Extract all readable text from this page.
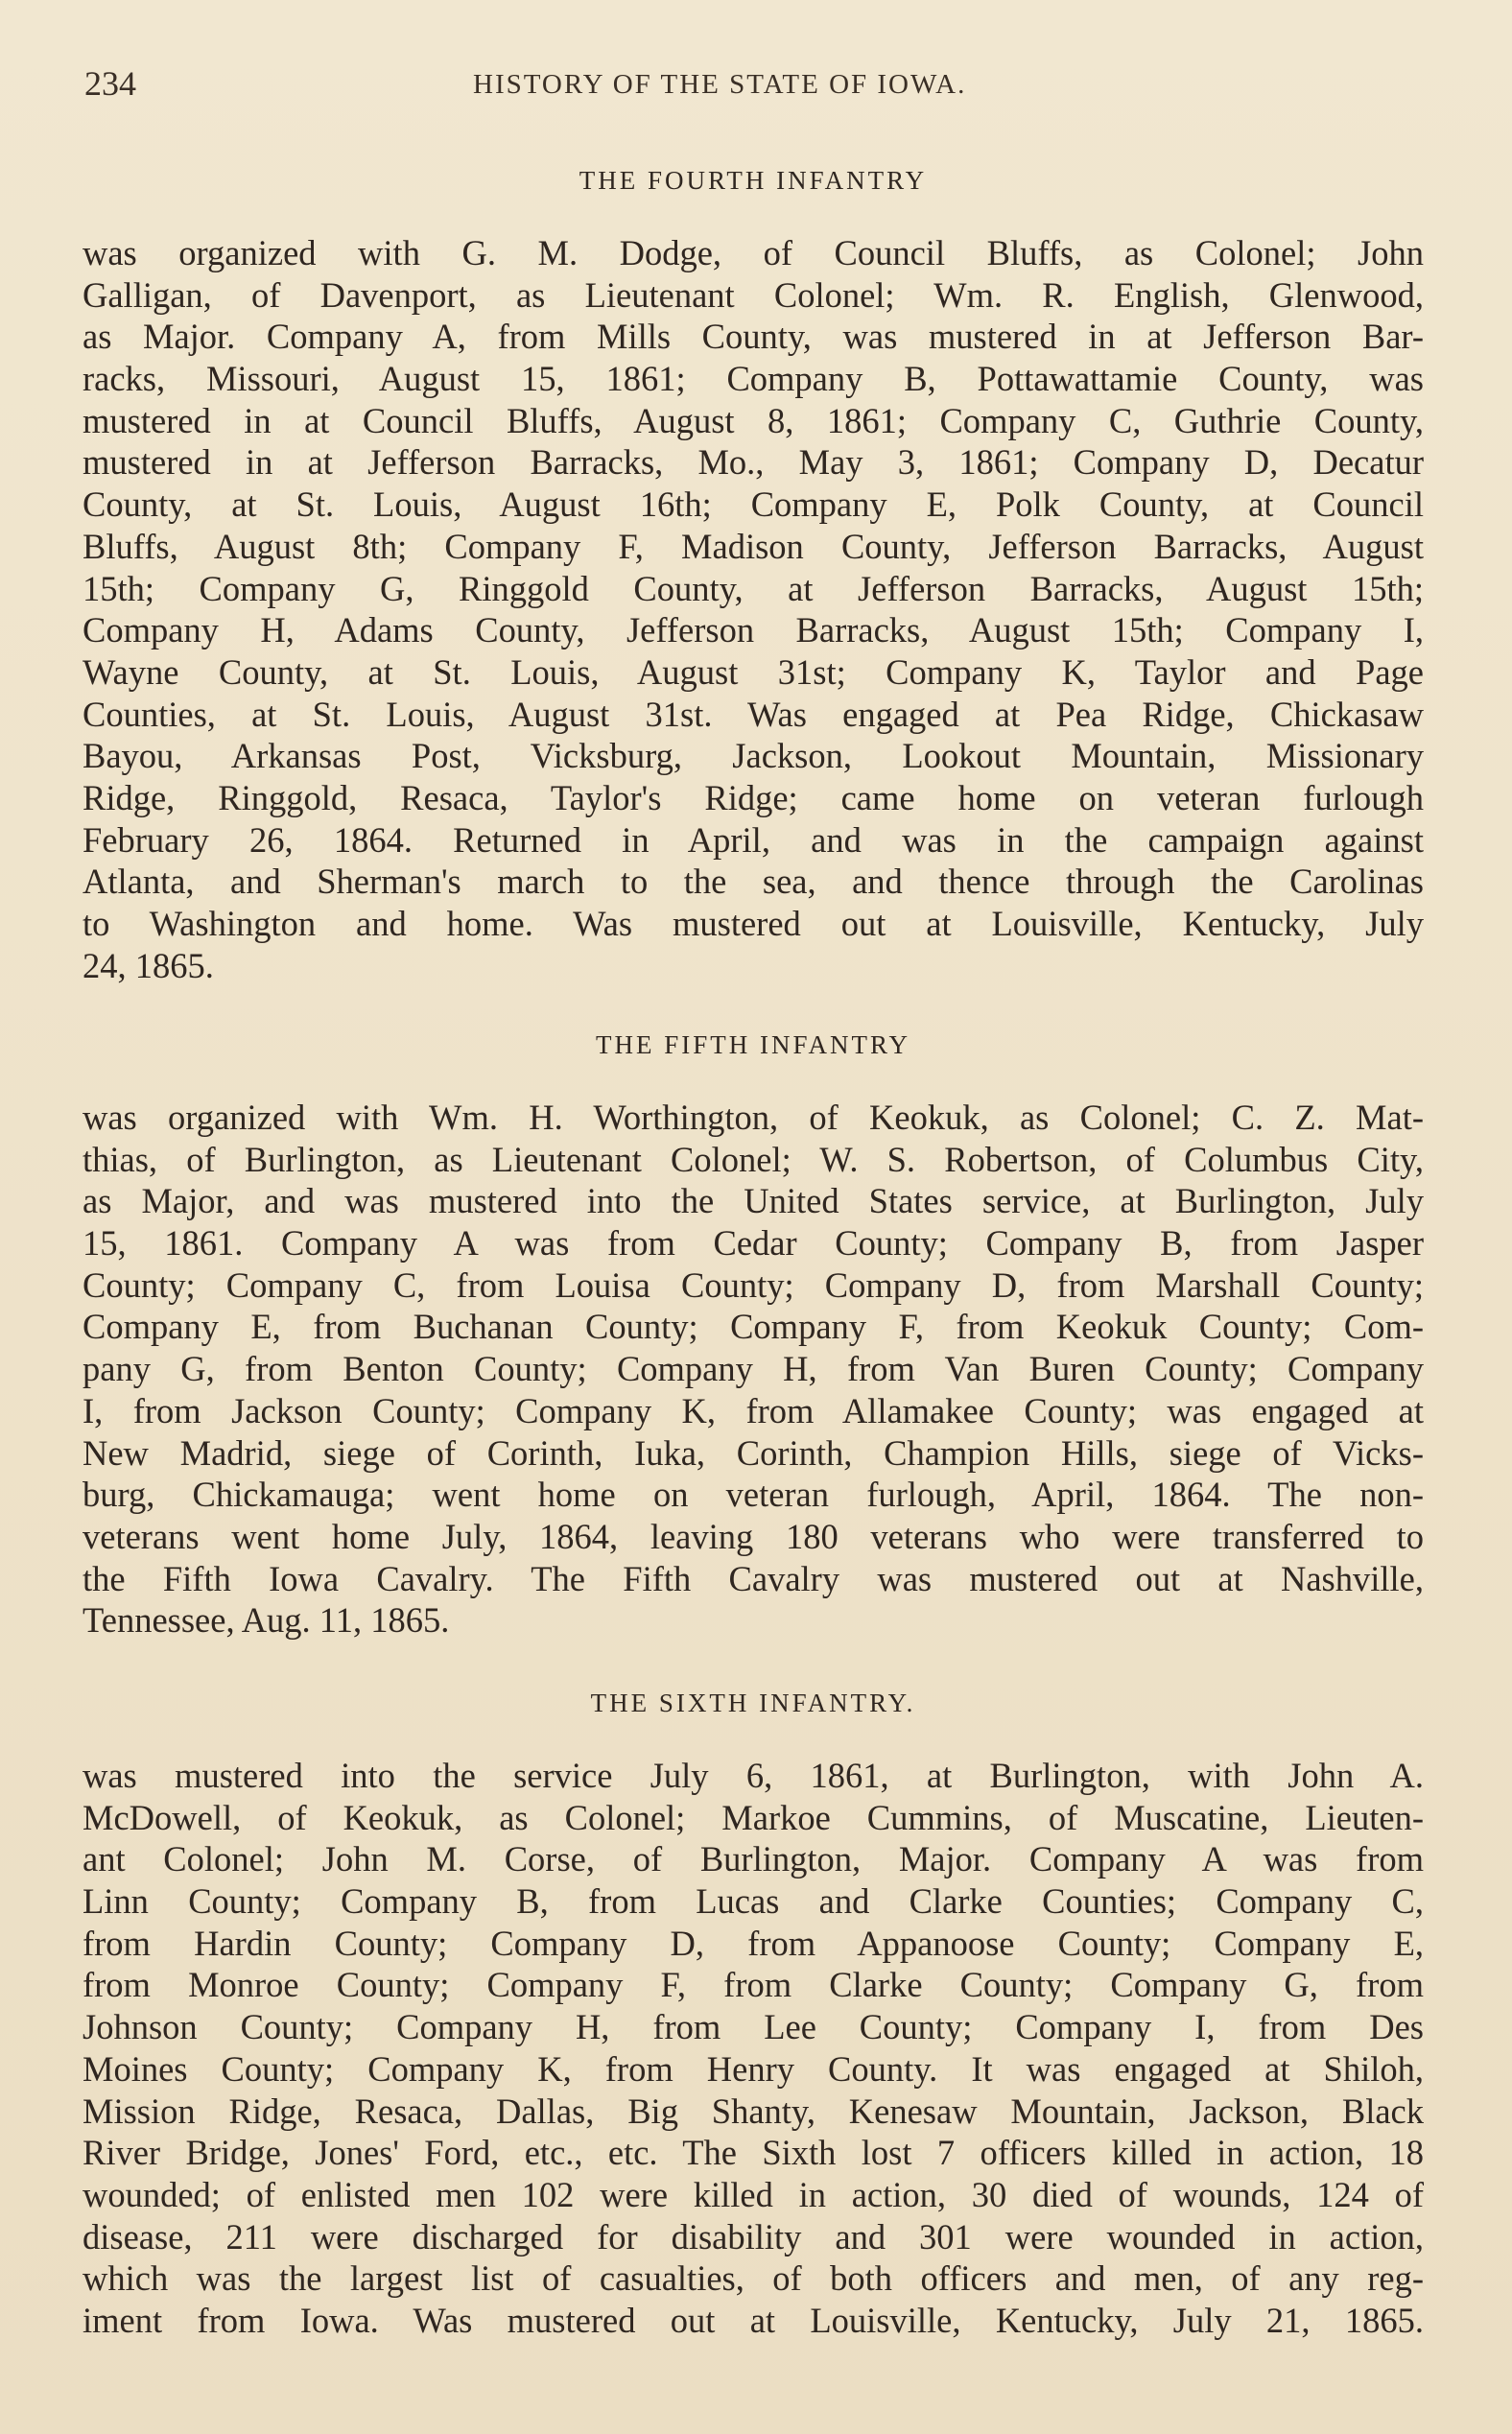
234	HISTORY OF THE STATE OF IOWA.
THE FOURTH INFANTRY
was organized with G. M. Dodge, of Council Bluffs, as Colonel; John
Galligan, of Davenport, as Lieutenant Colonel; Wm. R. English, Glenwood,
as Major. Company A, from Mills County, was mustered in at Jefferson Bar-
racks, Missouri, August 15, 1861; Company B, Pottawattamie County, was
mustered in at Council Bluffs, August 8, 1861; Company C, Guthrie County,
mustered in at Jefferson Barracks, Mo., May 3, 1861; Company D, Decatur
County, at St. Louis, August 16th; Company E, Polk County, at Council
Bluffs, August 8th; Company F, Madison County, Jefferson Barracks, August
15th; Company G, Ringgold County, at Jefferson Barracks, August 15th;
Company H, Adams County, Jefferson Barracks, August 15th; Company I,
Wayne County, at St. Louis, August 31st; Company K, Taylor and Page
Counties, at St. Louis, August 31st. Was engaged at Pea Ridge, Chickasaw
Bayou, Arkansas Post, Vicksburg, Jackson, Lookout Mountain, Missionary
Ridge, Ringgold, Resaca, Taylor's Ridge; came home on veteran furlough
February 26, 1864. Returned in April, and was in the campaign against
Atlanta, and Sherman's march to the sea, and thence through the Carolinas
to Washington and home. Was mustered out at Louisville, Kentucky, July
24, 1865.
THE FIFTH INFANTRY
was organized with Wm. H. Worthington, of Keokuk, as Colonel; C. Z. Mat-
thias, of Burlington, as Lieutenant Colonel; W. S. Robertson, of Columbus City,
as Major, and was mustered into the United States service, at Burlington, July
15, 1861. Company A was from Cedar County; Company B, from Jasper
County; Company C, from Louisa County; Company D, from Marshall County;
Company E, from Buchanan County; Company F, from Keokuk County; Com-
pany G, from Benton County; Company H, from Van Buren County; Company
I, from Jackson County; Company K, from Allamakee County; was engaged at
New Madrid, siege of Corinth, Iuka, Corinth, Champion Hills, siege of Vicks-
burg, Chickamauga; went home on veteran furlough, April, 1864. The non-
veterans went home July, 1864, leaving 180 veterans who were transferred to
the Fifth Iowa Cavalry. The Fifth Cavalry was mustered out at Nashville,
Tennessee, Aug. 11, 1865.
THE SIXTH INFANTRY.
was mustered into the service July 6, 1861, at Burlington, with John A.
McDowell, of Keokuk, as Colonel; Markoe Cummins, of Muscatine, Lieuten-
ant Colonel; John M. Corse, of Burlington, Major. Company A was from
Linn County; Company B, from Lucas and Clarke Counties; Company C,
from Hardin County; Company D, from Appanoose County; Company E,
from Monroe County; Company F, from Clarke County; Company G, from
Johnson County; Company H, from Lee County; Company I, from Des
Moines County; Company K, from Henry County. It was engaged at Shiloh,
Mission Ridge, Resaca, Dallas, Big Shanty, Kenesaw Mountain, Jackson, Black
River Bridge, Jones' Ford, etc., etc. The Sixth lost 7 officers killed in action, 18
wounded; of enlisted men 102 were killed in action, 30 died of wounds, 124 of
disease, 211 were discharged for disability and 301 were wounded in action,
which was the largest list of casualties, of both officers and men, of any reg-
iment from Iowa. Was mustered out at Louisville, Kentucky, July 21, 1865.
